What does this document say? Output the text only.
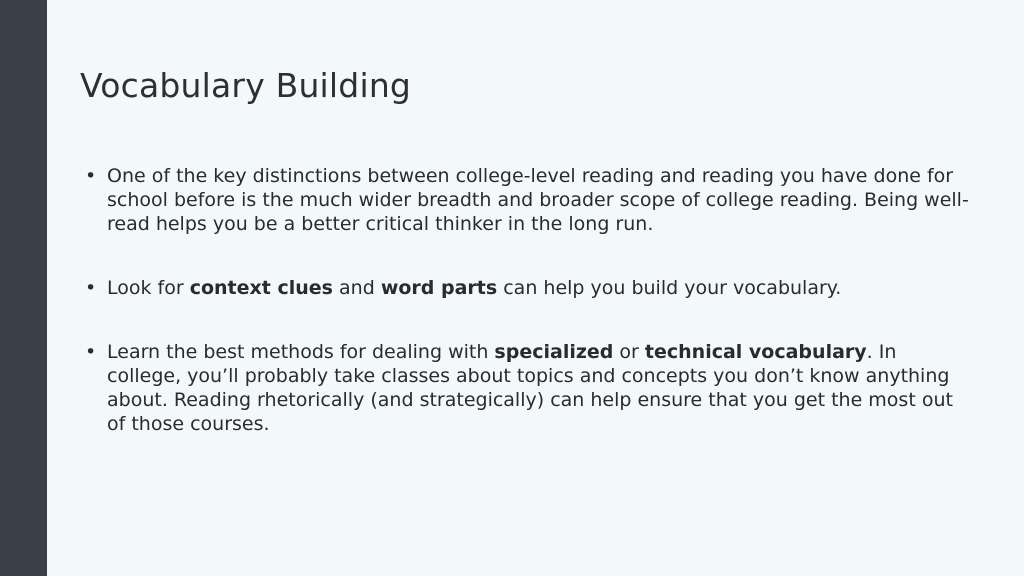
Vocabulary Building
• One of the key distinctions between college-level reading and reading you have done for school before is the much wider breadth and broader scope of college reading. Being well-read helps you be a better critical thinker in the long run.
• Look for context clues and word parts can help you build your vocabulary.
• Learn the best methods for dealing with specialized or technical vocabulary. In college, you’ll probably take classes about topics and concepts you don’t know anything about. Reading rhetorically (and strategically) can help ensure that you get the most out of those courses.
